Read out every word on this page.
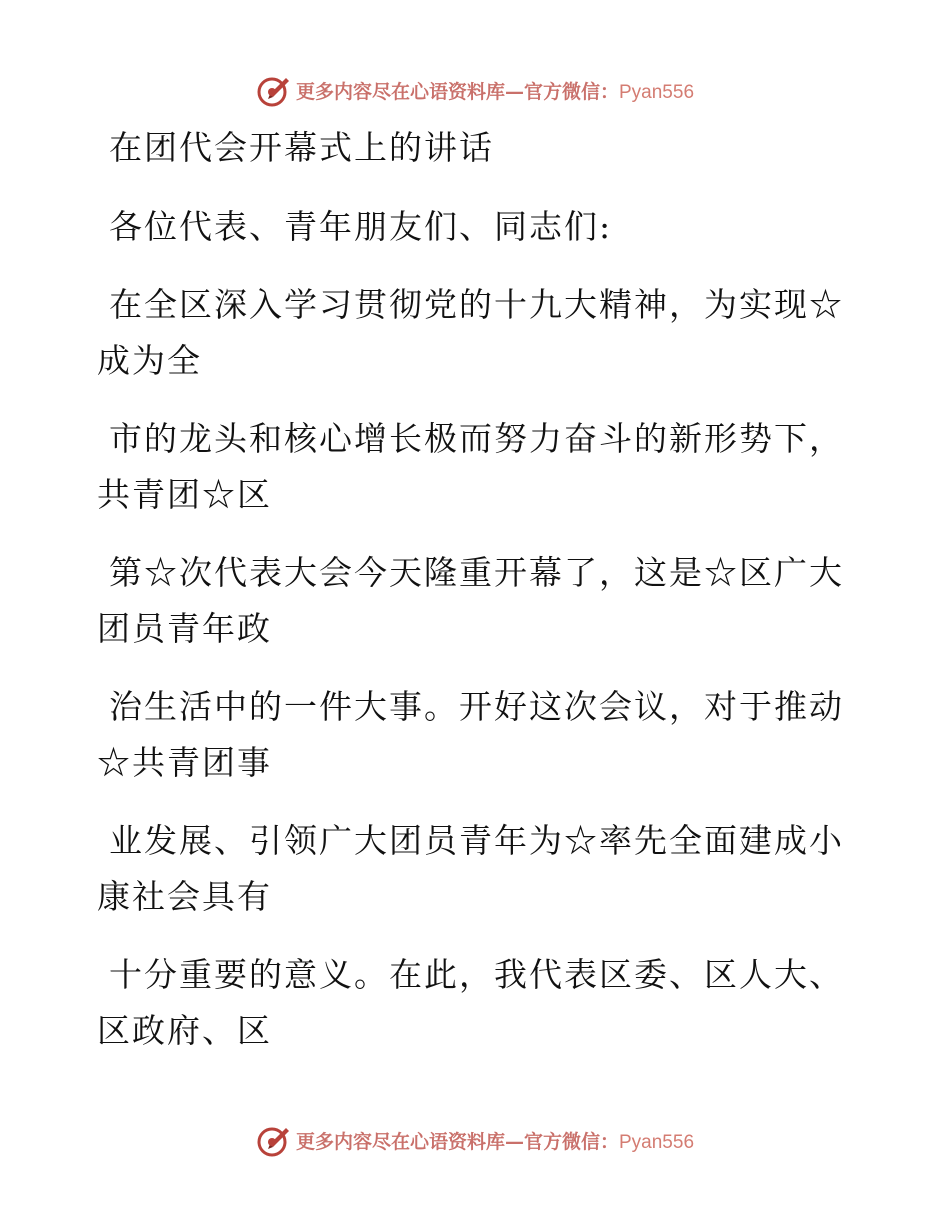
更多内容尽在心语资料库—官方微信：Pyan556

在团代会开幕式上的讲话

各位代表、青年朋友们、同志们:

在全区深入学习贯彻党的十九大精神，为实现☆

成为全

市的龙头和核心增长极而努力奋斗的新形势下，

共青团☆区

第☆次代表大会今天隆重开幕了，这是☆区广大

团员青年政

治生活中的一件大事。开好这次会议，对于推动

☆共青团事

业发展、引领广大团员青年为☆率先全面建成小

康社会具有

十分重要的意义。在此，我代表区委、区人大、

区政府、区

更多内容尽在心语资料库—官方微信：Pyan556
